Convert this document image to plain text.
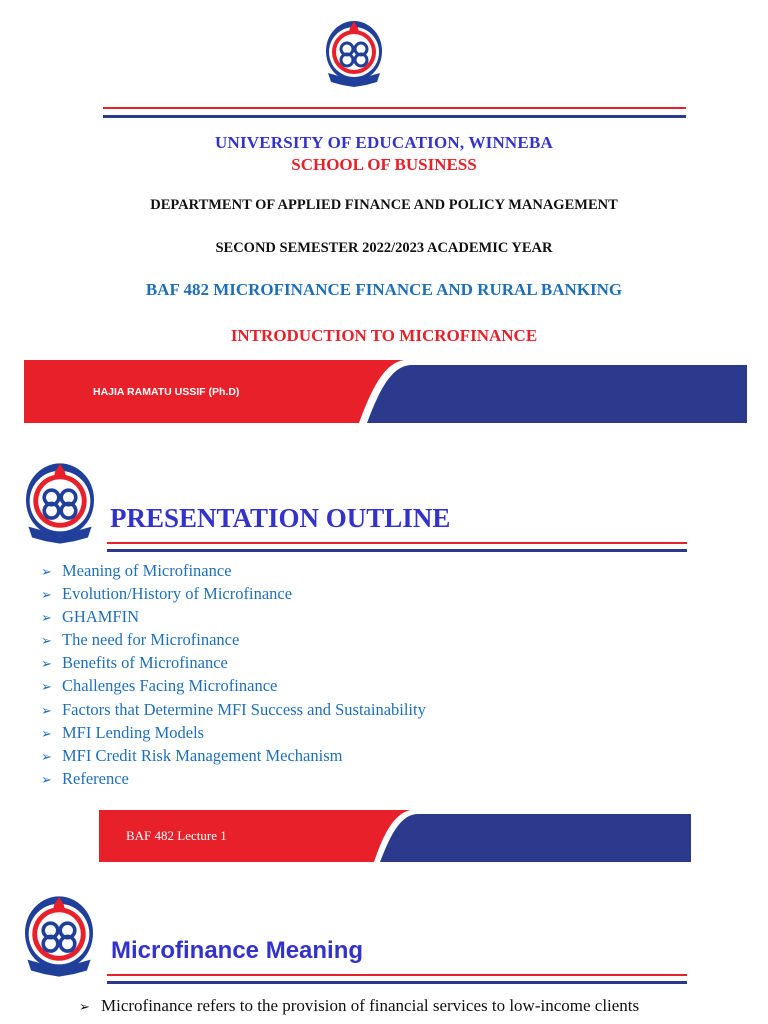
UNIVERSITY OF EDUCATION, WINNEBA
SCHOOL OF BUSINESS
DEPARTMENT OF APPLIED FINANCE AND POLICY MANAGEMENT
SECOND SEMESTER 2022/2023 ACADEMIC YEAR
BAF 482 MICROFINANCE FINANCE AND RURAL BANKING
INTRODUCTION TO MICROFINANCE
HAJIA RAMATU USSIF (Ph.D)
PRESENTATION OUTLINE
➢ Meaning of Microfinance
➢ Evolution/History of Microfinance
➢ GHAMFIN
➢ The need for Microfinance
➢ Benefits of Microfinance
➢ Challenges Facing Microfinance
➢ Factors that Determine MFI Success and Sustainability
➢ MFI Lending Models
➢ MFI Credit Risk Management Mechanism
➢ Reference
BAF 482 Lecture 1
Microfinance Meaning
➢ Microfinance refers to the provision of financial services to low-income clients
